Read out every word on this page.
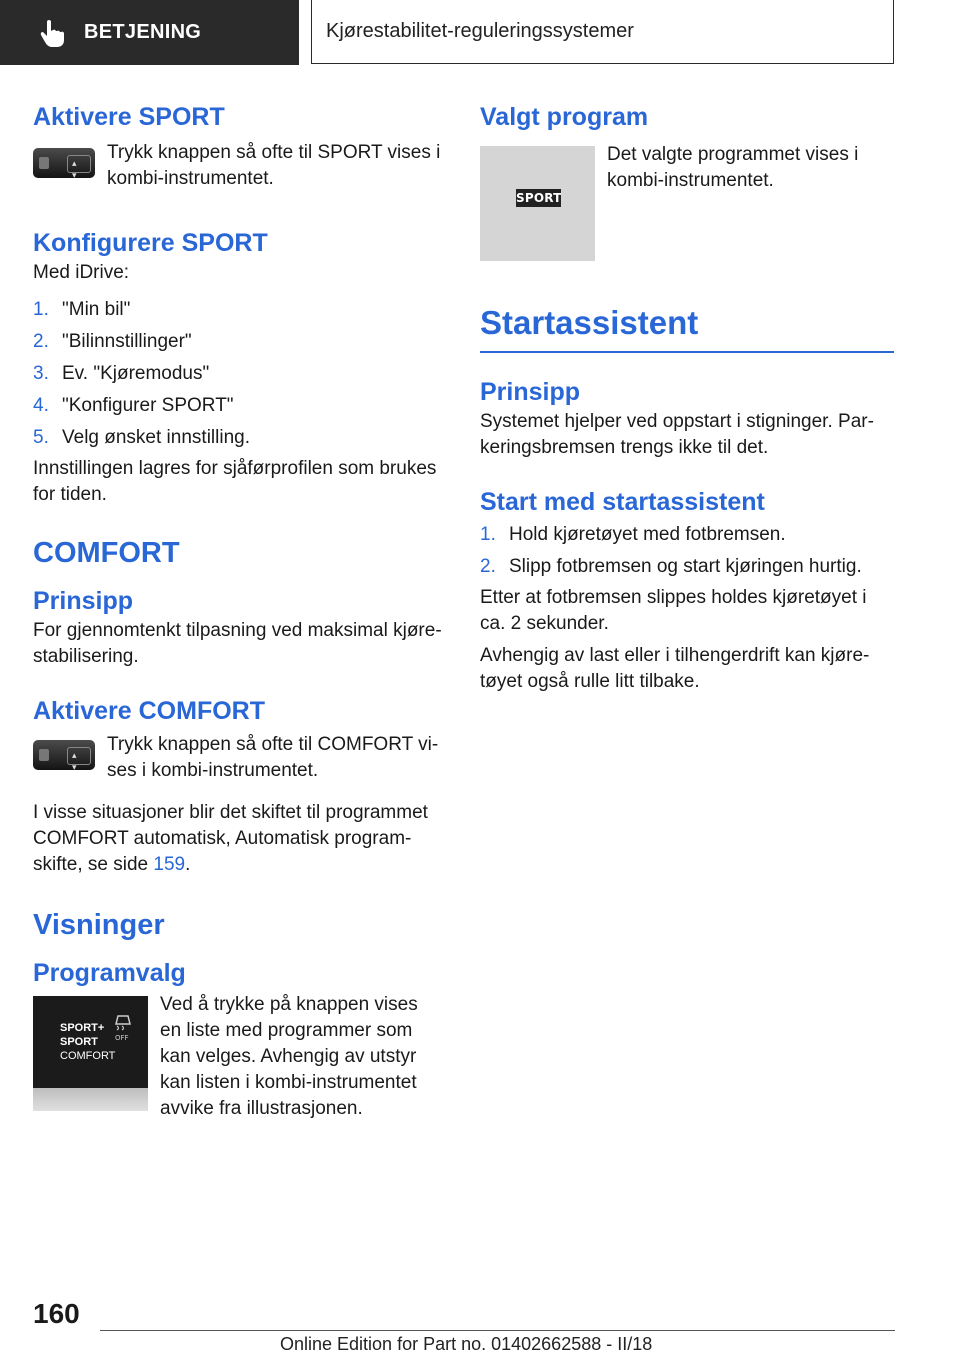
BETJENING	Kjørestabilitet-reguleringssystemer
Aktivere SPORT
▴
▾

Trykk knappen så ofte til SPORT vises i kombi-instrumentet.

Konfigurere SPORT

Med iDrive:

1. "Min bil"
2. "Bilinnstillinger"
3. Ev. "Kjøremodus"
4. "Konfigurer SPORT"
5. Velg ønsket innstilling.

Innstillingen lagres for sjåførprofilen som brukes for tiden.

COMFORT
Prinsipp

For gjennomtenkt tilpasning ved maksimal kjørestabilisering.

Aktivere COMFORT
▴
▾

Trykk knappen så ofte til COMFORT vises i kombi-instrumentet.

I visse situasjoner blir det skiftet til programmet COMFORT automatisk, Automatisk programskifte, se side 159.

Visninger
Programvalg
SPORT+
SPORT
COMFORT
OFF

Ved å trykke på knappen vises en liste med programmer som kan velges. Avhengig av utstyr kan listen i kombi-instrumentet avvike fra illustrasjonen.

Valgt program
SPORT

Det valgte programmet vises i kombi-instrumentet.

Startassistent
Prinsipp

Systemet hjelper ved oppstart i stigninger. Parkeringsbremsen trengs ikke til det.

Start med startassistent
1. Hold kjøretøyet med fotbremsen.
2. Slipp fotbremsen og start kjøringen hurtig.

Etter at fotbremsen slippes holdes kjøretøyet i ca. 2 sekunder.

Avhengig av last eller i tilhengerdrift kan kjøretøyet også rulle litt tilbake.

160
Online Edition for Part no. 01402662588 - II/18
